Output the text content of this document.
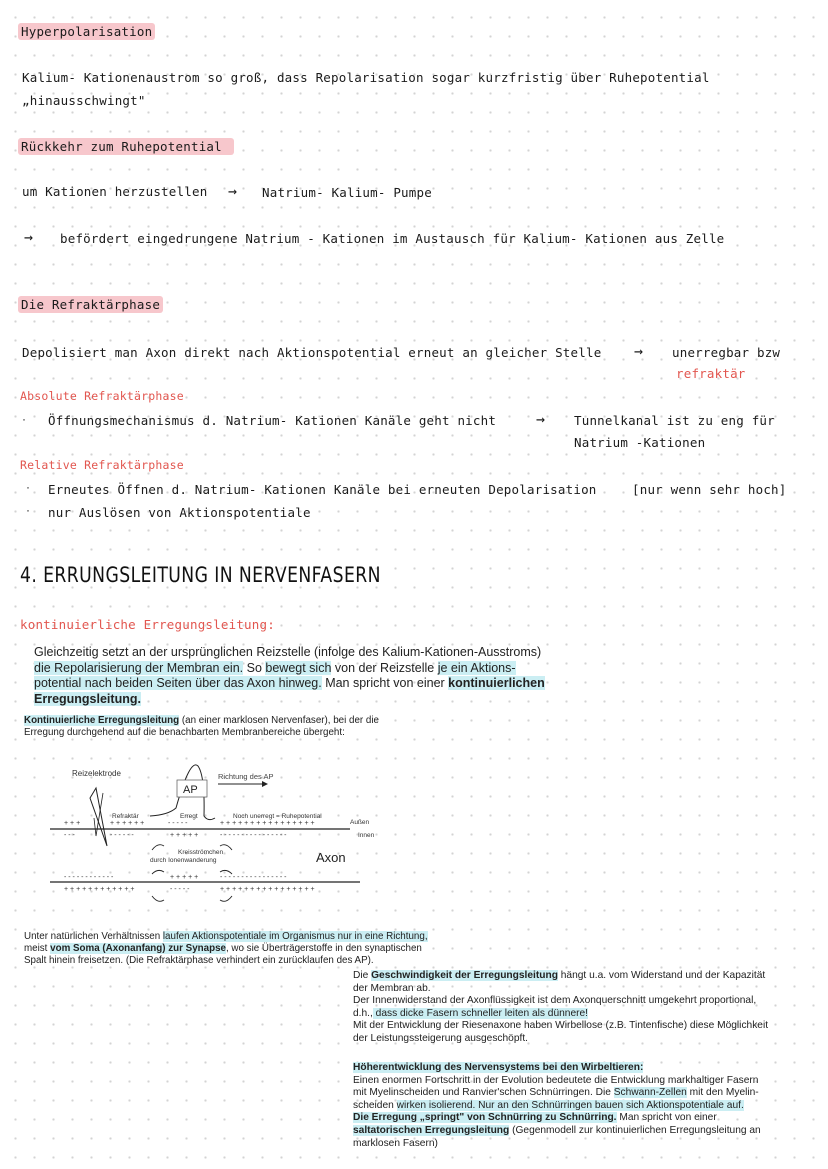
Hyperpolarisation
Kalium- Kationenaustrom so groß, dass Repolarisation sogar kurzfristig über Ruhepotential
„hinausschwingt"
Rückkehr zum Ruhepotential
um Kationen herzustellen → Natrium- Kalium- Pumpe
→ befördert eingedrungene Natrium - Kationen im Austausch für Kalium- Kationen aus Zelle
Die Refraktärphase
Depolisiert man Axon direkt nach Aktionspotential erneut an gleicher Stelle → unerregbar bzw
refraktär
Absolute Refraktärphase
· Öffnungsmechanismus d. Natrium- Kationen Kanäle geht nicht	→ Tunnelkanal ist zu eng für
Natrium -Kationen
Relative Refraktärphase
· Erneutes Öffnen d. Natrium- Kationen Kanäle bei erneuten Depolarisation	[nur wenn sehr hoch]
· nur Auslösen von Aktionspotentiale
4. ERRUNGSLEITUNG IN NERVENFASERN
kontinuierliche Erregungsleitung:
Gleichzeitig setzt an der ursprünglichen Reizstelle (infolge des Kalium-Kationen-Ausstroms)
die Repolarisierung der Membran ein. So bewegt sich von der Reizstelle je ein Aktions-
potential nach beiden Seiten über das Axon hinweg. Man spricht von einer kontinuierlichen
Erregungsleitung.
Kontinuierliche Erregungsleitung (an einer marklosen Nervenfaser), bei der die
Erregung durchgehend auf die benachbarten Membranbereiche übergeht:
Reizelektrode
AP
Richtung des AP
Refraktär	Erregt	Noch unerregt = Ruhepotential
+ + +	+ + + + + +	- - - - -	+ + + + + + + + + + + + + + + +	Außen
- - -	- - - - - -	+ + + + +	- - - - - - - - - - - - - - - -	Innen
Kreisströmchen
durch Ionenwanderung	Axon
- - - - - - - - - - - -	+ + + + +	- - - - - - - - - - - - - - - -
+ + + + + + + + + + + +	- - - - -	+ + + + + + + + + + + + + + + +
Unter natürlichen Verhältnissen laufen Aktionspotentiale im Organismus nur in eine Richtung,
meist vom Soma (Axonanfang) zur Synapse, wo sie Überträgerstoffe in den synaptischen
Spalt hinein freisetzen. (Die Refraktärphase verhindert ein zurücklaufen des AP).
Die Geschwindigkeit der Erregungsleitung hängt u.a. vom Widerstand und der Kapazität
der Membran ab.
Der Innenwiderstand der Axonflüssigkeit ist dem Axonquerschnitt umgekehrt proportional,
d.h., dass dicke Fasern schneller leiten als dünnere!
Mit der Entwicklung der Riesenaxone haben Wirbellose (z.B. Tintenfische) diese Möglichkeit
der Leistungssteigerung ausgeschöpft.
Höherentwicklung des Nervensystems bei den Wirbeltieren:
Einen enormen Fortschritt in der Evolution bedeutete die Entwicklung markhaltiger Fasern
mit Myelinscheiden und Ranvier'schen Schnürringen. Die Schwann-Zellen mit den Myelin-
scheiden wirken isolierend. Nur an den Schnürringen bauen sich Aktionspotentiale auf.
Die Erregung „springt" von Schnürring zu Schnürring. Man spricht von einer
saltatorischen Erregungsleitung (Gegenmodell zur kontinuierlichen Erregungsleitung an
marklosen Fasern)
